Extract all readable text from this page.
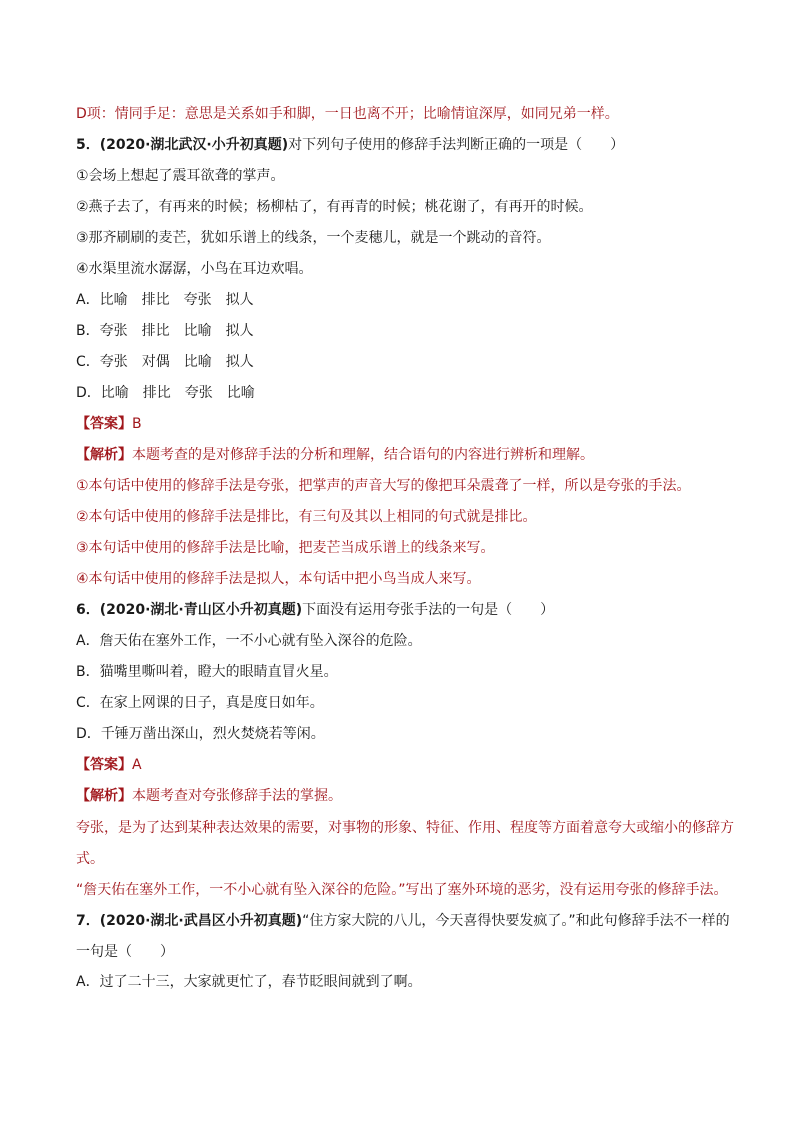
D项：情同手足：意思是关系如手和脚，一日也离不开；比喻情谊深厚，如同兄弟一样。
5．(2020·湖北武汉·小升初真题)对下列句子使用的修辞手法判断正确的一项是（　　）
①会场上想起了震耳欲聋的掌声。
②燕子去了，有再来的时候；杨柳枯了，有再青的时候；桃花谢了，有再开的时候。
③那齐刷刷的麦芒，犹如乐谱上的线条，一个麦穗儿，就是一个跳动的音符。
④水渠里流水潺潺，小鸟在耳边欢唱。
A．比喻　排比　夸张　拟人
B．夸张　排比　比喻　拟人
C．夸张　对偶　比喻　拟人
D．比喻　排比　夸张　比喻
【答案】B
【解析】本题考查的是对修辞手法的分析和理解，结合语句的内容进行辨析和理解。
①本句话中使用的修辞手法是夸张，把掌声的声音大写的像把耳朵震聋了一样，所以是夸张的手法。
②本句话中使用的修辞手法是排比，有三句及其以上相同的句式就是排比。
③本句话中使用的修辞手法是比喻，把麦芒当成乐谱上的线条来写。
④本句话中使用的修辞手法是拟人，本句话中把小鸟当成人来写。
6．(2020·湖北·青山区小升初真题)下面没有运用夸张手法的一句是（　　）
A．詹天佑在塞外工作，一不小心就有坠入深谷的危险。
B．猫嘴里嘶叫着，瞪大的眼睛直冒火星。
C．在家上网课的日子，真是度日如年。
D．千锤万凿出深山，烈火焚烧若等闲。
【答案】A
【解析】本题考查对夸张修辞手法的掌握。
夸张，是为了达到某种表达效果的需要，对事物的形象、特征、作用、程度等方面着意夸大或缩小的修辞方式。
“詹天佑在塞外工作，一不小心就有坠入深谷的危险。”写出了塞外环境的恶劣，没有运用夸张的修辞手法。
7．(2020·湖北·武昌区小升初真题)“住方家大院的八儿，今天喜得快要发疯了。”和此句修辞手法不一样的一句是（　　）
A．过了二十三，大家就更忙了，春节眨眼间就到了啊。
